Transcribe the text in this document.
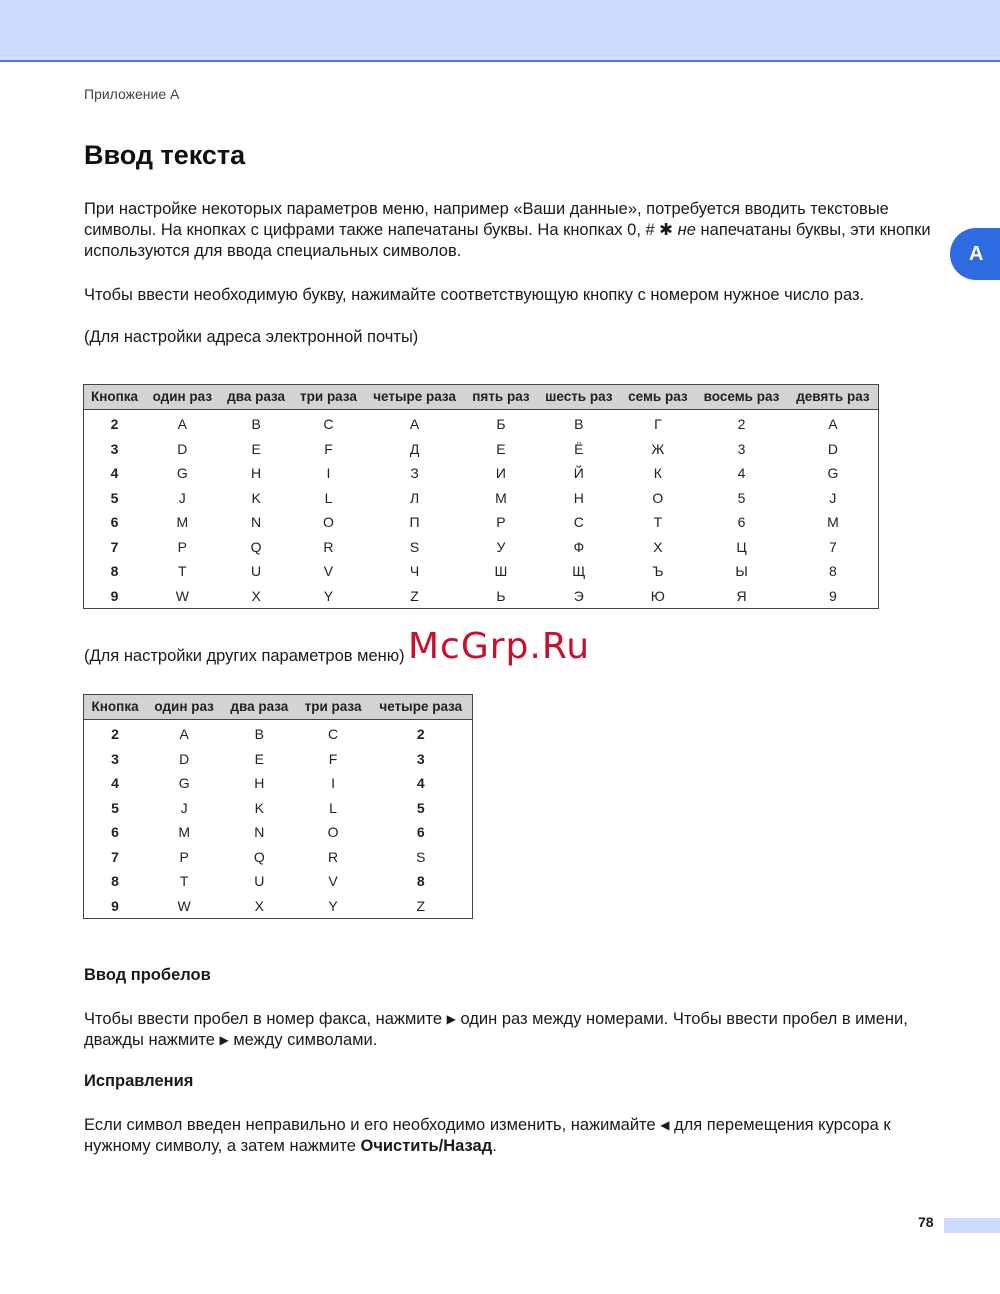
Приложение A
A
Ввод текста

При настройке некоторых параметров меню, например «Ваши данные», потребуется вводить текстовые символы. На кнопках с цифрами также напечатаны буквы. На кнопках 0, # ✱ не напечатаны буквы, эти кнопки используются для ввода специальных символов.

Чтобы ввести необходимую букву, нажимайте соответствующую кнопку с номером нужное число раз.

(Для настройки адреса электронной почты)

Кнопка	один раз	два раза	три раза	четыре раза	пять раз	шесть раз	семь раз	восемь раз	девять раз
2	A	B	C	А	Б	В	Г	2	A
3	D	E	F	Д	Е	Ё	Ж	3	D
4	G	H	I	З	И	Й	К	4	G
5	J	K	L	Л	М	Н	О	5	J
6	M	N	O	П	Р	С	Т	6	M
7	P	Q	R	S	У	Ф	Х	Ц	7
8	T	U	V	Ч	Ш	Щ	Ъ	Ы	8
9	W	X	Y	Z	Ь	Э	Ю	Я	9

(Для настройки других параметров меню)

Кнопка	один раз	два раза	три раза	четыре раза
2	A	B	C	2
3	D	E	F	3
4	G	H	I	4
5	J	K	L	5
6	M	N	O	6
7	P	Q	R	S
8	T	U	V	8
9	W	X	Y	Z
Ввод пробелов

Чтобы ввести пробел в номер факса, нажмите ▶ один раз между номерами. Чтобы ввести пробел в имени, дважды нажмите ▶ между символами.

Исправления

Если символ введен неправильно и его необходимо изменить, нажимайте ◀ для перемещения курсора к нужному символу, а затем нажмите Очистить/Назад.

McGrp.Ru
78
